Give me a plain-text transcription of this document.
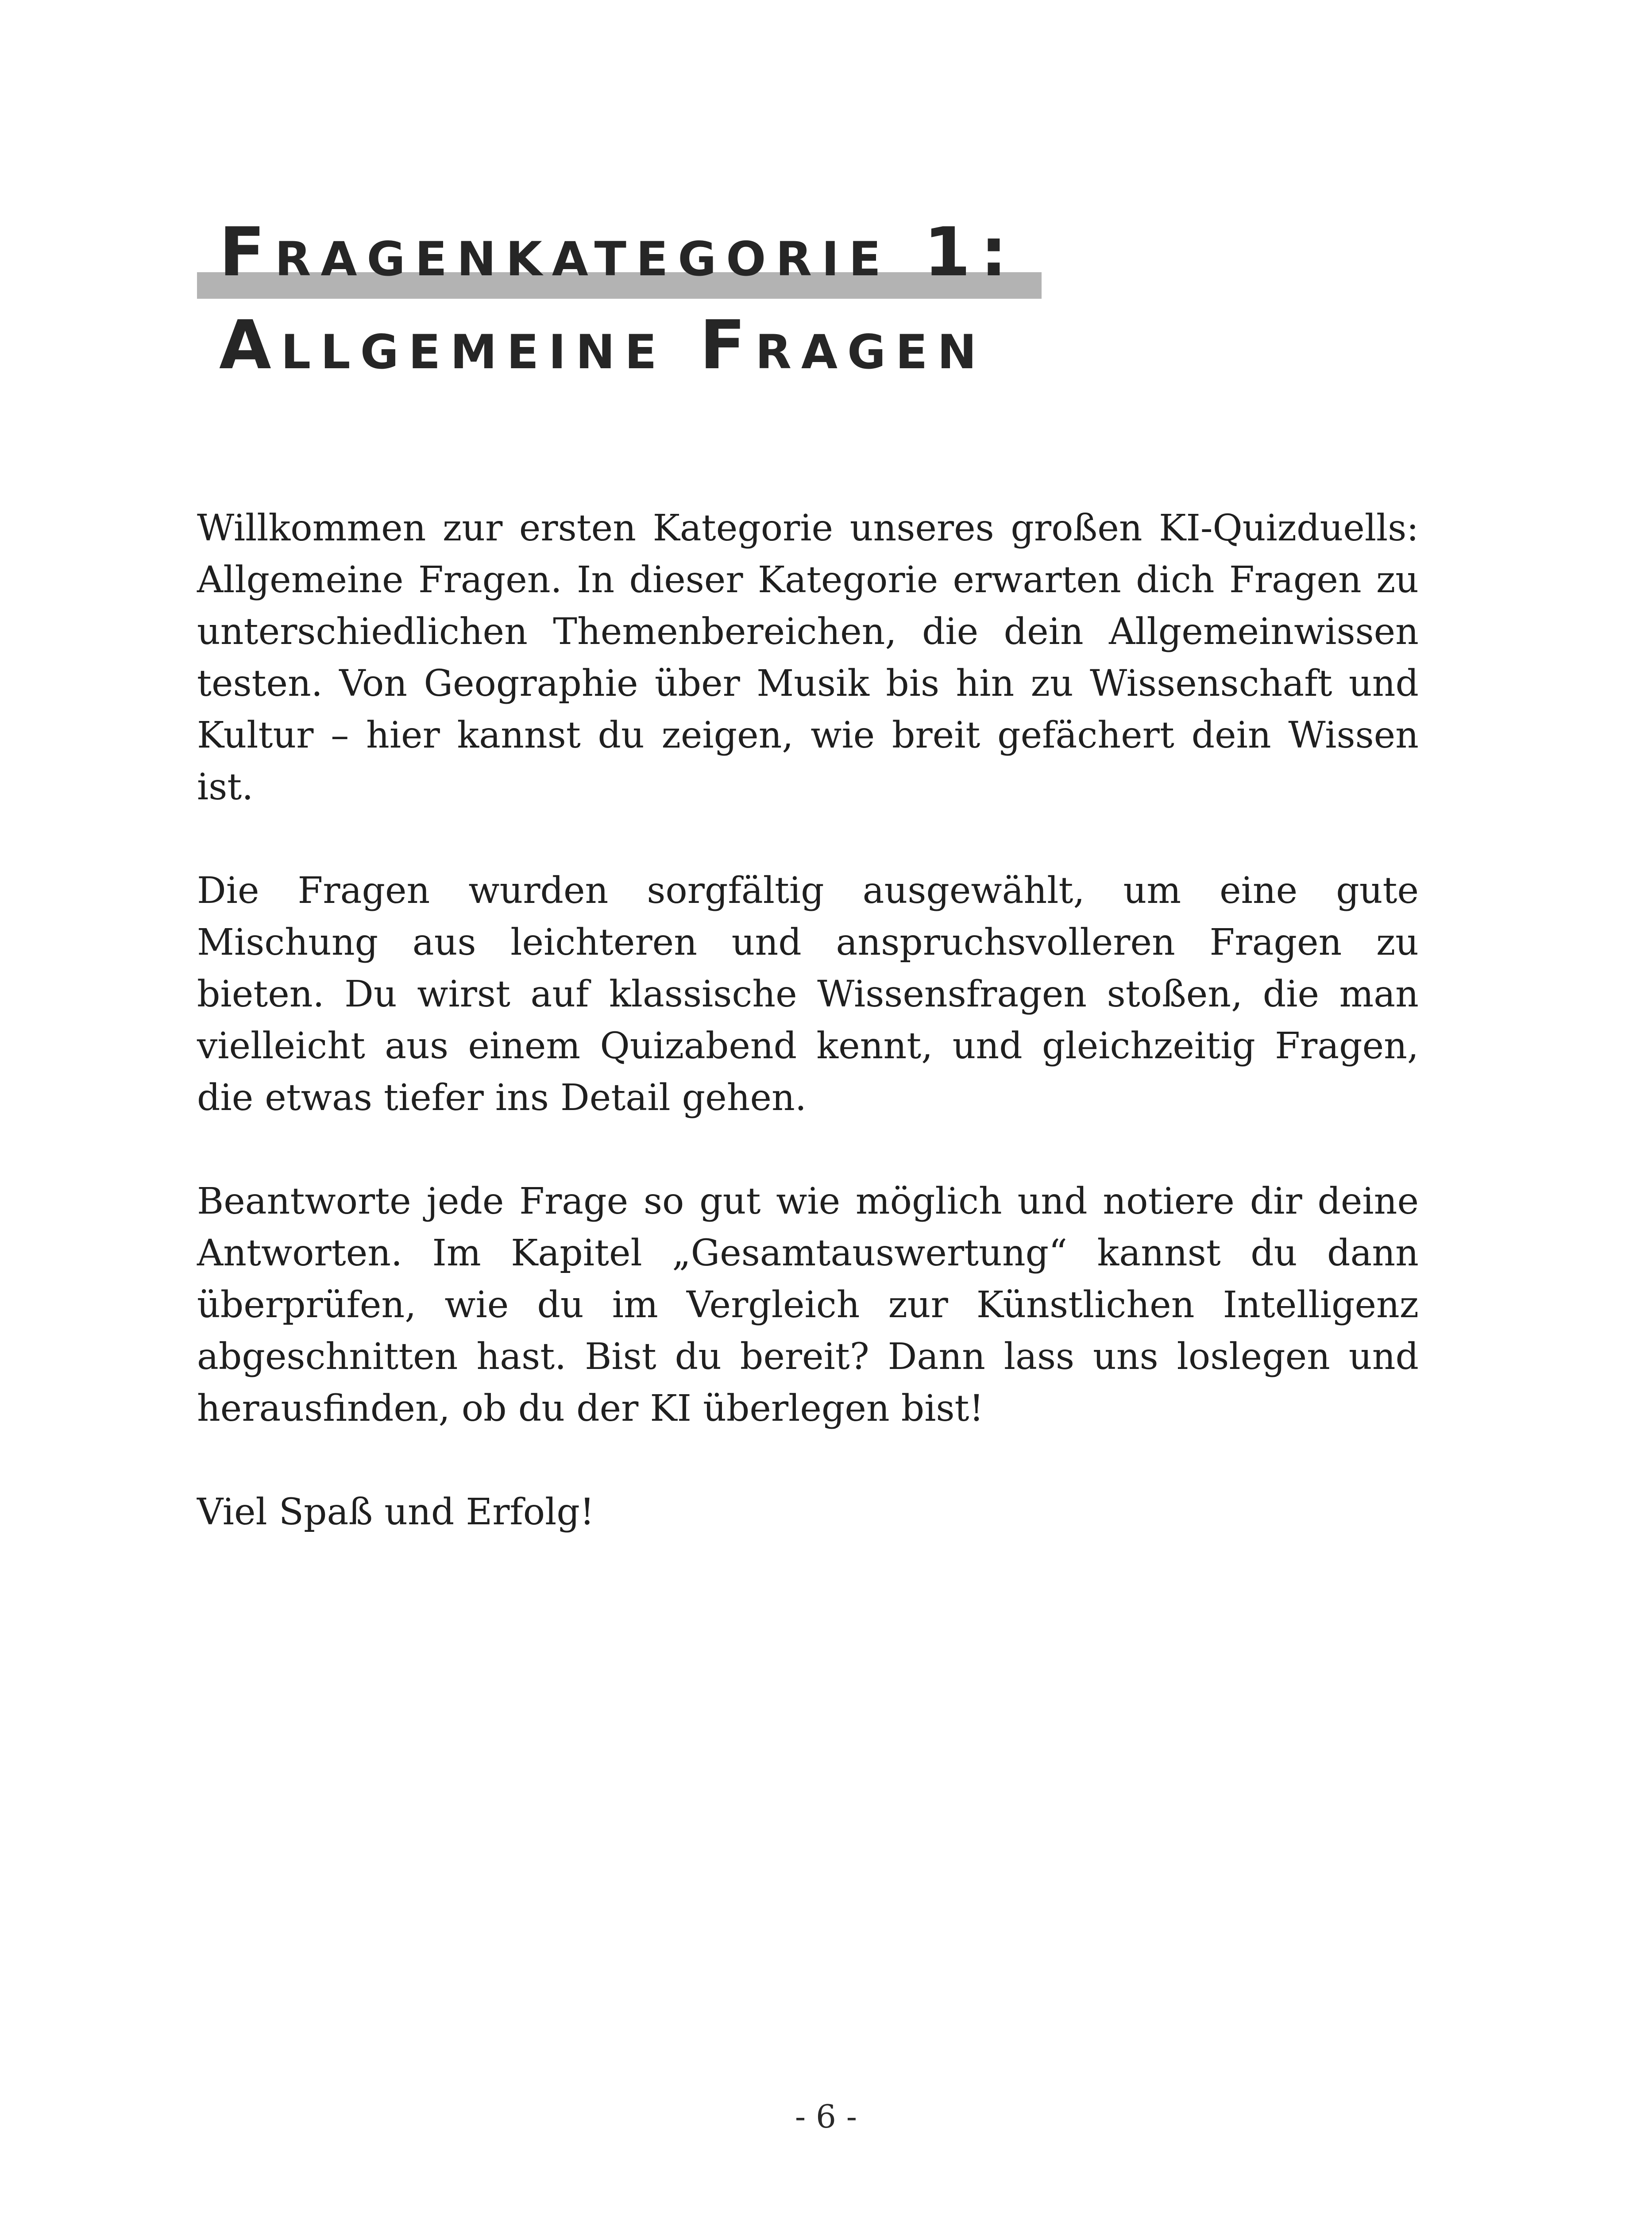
Fragenkategorie 1:
Allgemeine Fragen

Willkommen zur ersten Kategorie unseres großen KI-Quizduells: Allgemeine Fragen. In dieser Kategorie erwarten dich Fragen zu unterschiedlichen Themenbereichen, die dein Allgemeinwissen testen. Von Geographie über Musik bis hin zu Wissenschaft und Kultur – hier kannst du zeigen, wie breit gefächert dein Wissen ist.

Die Fragen wurden sorgfältig ausgewählt, um eine gute Mischung aus leichteren und anspruchsvolleren Fragen zu bieten. Du wirst auf klassische Wissensfragen stoßen, die man vielleicht aus einem Quizabend kennt, und gleichzeitig Fragen, die etwas tiefer ins Detail gehen.

Beantworte jede Frage so gut wie möglich und notiere dir deine Antworten. Im Kapitel „Gesamtauswertung“ kannst du dann überprüfen, wie du im Vergleich zur Künstlichen Intelligenz abgeschnitten hast. Bist du bereit? Dann lass uns loslegen und herausfinden, ob du der KI überlegen bist!

Viel Spaß und Erfolg!

- 6 -
